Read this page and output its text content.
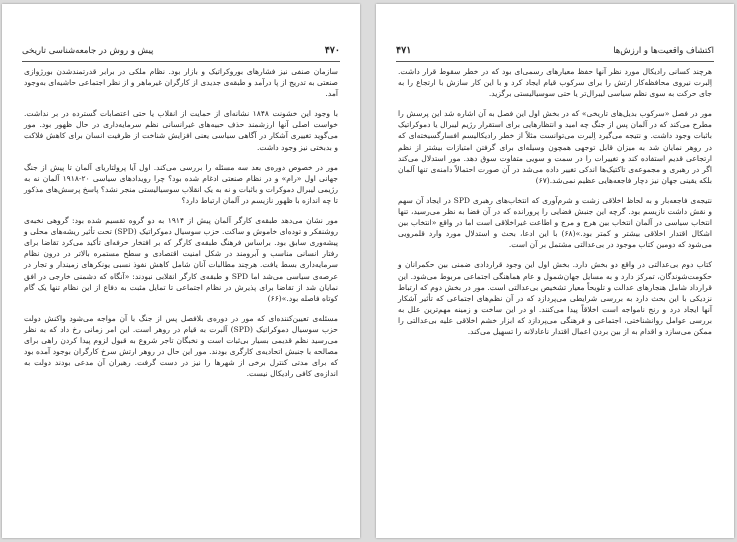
۴۷۰
پیش و روش در جامعه‌شناسی تاریخی

سازمان صنفی نیز فشارهای بوروکراتیک و بازار بود. نظام ملکی در برابر قدرتمندشدن بورژوازی صنعتی به تدریج از پا درآمد و طبقه‌ی جدیدی از کارگران غیرماهر و از نظر اجتماعی حاشیه‌ای به‌وجود آمد.

با وجود این خشونت ۱۸۴۸ نشانه‌ای از حمایت از انقلاب یا حتی اعتصابات گسترده در بر نداشت. خواست اصلی آنها ارزشمند حذف حبیه‌های غیرانسانی نظم سرمایه‌داری در حال ظهور بود. مور می‌گوید تغییری آشکار در آگاهی سیاسی یعنی افزایش شناخت از ظرفیت انسان برای کاهش فلاکت و بدبختی نیز وجود داشت.

مور در خصوص دوره‌ی بعد سه مسئله را بررسی می‌کند. اول آیا پرولتاریای آلمان تا پیش از جنگ جهانی اول «رام» و در نظام صنعتی ادغام شده بود؟ چرا رویدادهای سیاسی ۲۰-۱۹۱۸ آلمان نه به رژیمی لیبرال دموکرات و باثبات و نه به یک انقلاب سوسیالیستی منجر نشد؟ پاسخ پرسش‌های مذکور تا چه اندازه با ظهور نازیسم در آلمان ارتباط دارد؟

مور نشان می‌دهد طبقه‌ی کارگر آلمان پیش از ۱۹۱۴ به دو گروه تقسیم شده بود: گروهی نخبه‌ی روشنفکر و توده‌ای خاموش و ساکت. حزب سوسیال دموکراتیک (SPD) تحت تأثیر ریشه‌های محلی و پیشه‌وری سابق بود. براساس فرهنگ طبقه‌ی کارگر که بر افتخار حرفه‌ای تأکید می‌کرد تقاضا برای رفتار انسانی مناسب و آبرومند در شکل امنیت اقتصادی و سطح مستمره بالاتر در درون نظام سرمایه‌داری بسط یافت. هرچند مطالبات آنان شامل کاهش نفوذ نسبی یونکرهای زمیندار و تجار در عرصه‌ی سیاسی می‌شد اما SPD و طبقه‌ی کارگر انقلابی نبودند: «آنگاه که دشمنی خارجی در افق نمایان شد از تقاضا برای پذیرش در نظام اجتماعی تا تمایل مثبت به دفاع از این نظام تنها یک گام کوتاه فاصله بود.»(۶۶)

مسئله‌ی تعیین‌کننده‌ای که مور در دوره‌ی بلافصل پس از جنگ با آن مواجه می‌شود واکنش دولت حزب سوسیال دموکراتیک (SPD) آلبرت به قیام در روهر است. این امر زمانی رخ داد که به نظر می‌رسید نظم قدیمی بسیار بی‌ثبات است و نخبگان تاجر شروع به قبول لزوم پیدا کردن راهی برای مصالحه با جنبش اتحادیه‌ی کارگری بودند. مور این حال در روهر ارتش سرخ کارگران بوجود آمده بود که برای مدتی کنترل برخی از شهرها را نیز در دست گرفت. رهبران آن مدعی بودند دولت به اندازه‌ی کافی رادیکال نیست.

اکتشاف واقعیت‌ها و ارزش‌ها
۴۷۱

هرچند کسانی رادیکال مورد نظر آنها حفظ معیارهای رسمی‌ای بود که در خطر سقوط قرار داشت. اِلبرت نیروی محافظه‌کار ارتش را برای سرکوب قیام ایجاد کرد و با این کار سازش با ارتجاع را به جای حرکت به سوی نظم سیاسی لیبرال‌تر یا حتی سوسیالیستی برگزید.

مور در فصل «سرکوب بدیل‌های تاریخی» که در بخش اول این فصل به آن اشاره شد این پرسش را مطرح می‌کند که در آلمان پس از جنگ چه امید و انتظارهایی برای استقرار رژیم لیبرال یا دموکراتیک باثبات وجود داشت. و نتیجه می‌گیرد اِلبرت می‌توانست مثلاً از خطر رادیکالیسم افسارگسیخته‌ای که در روهر نمایان شد به میزان قابل توجهی همچون وسیله‌ای برای گرفتن امتیازات بیشتر از نظم ارتجاعی قدیم استفاده کند و تغییرات را در سمت و سویی متفاوت سوق دهد. مور استدلال می‌کند اگر در رهبری و مجموعه‌ی تاکتیک‌ها اندکی تغییر داده می‌شد در آن صورت احتمالاً دامنه‌ی تنها آلمان بلکه یقینی جهان نیز دچار فاجعه‌هایی عظیم نمی‌شد.(۶۷)

نتیجه‌ی فاجعه‌بار و به لحاظ اخلاقی زشت و شرم‌آوری که انتخاب‌های رهبری SPD در ایجاد آن سهم و نقش داشت نازیسم بود. گرچه این جنبش فضایی را پرورانده که در آن فضا به نظر می‌رسید، تنها انتخاب سیاسی در آلمان انتخاب بین هرج و مرج و اطاعت غیراخلاقی است اما در واقع «انتخاب بین اشکال اقتدار اخلاقی بیشتر و کمتر بود.»(۶۸) با این ادعا، بحث و استدلال مورد وارد قلمرویی می‌شود که دومین کتاب موجود در بی‌عدالتی مشتمل بر آن است.

کتاب دوم بی‌عدالتی در واقع دو بخش دارد. بخش اول این وجود قراردادی ضمنی بین حکمرانان و حکومت‌شوندگان، تمرکز دارد و به مسایل جهان‌شمول و عام هماهنگی اجتماعی مربوط می‌شود. این قرارداد شامل هنجارهای عدالت و تلویحاً معیار تشخیص بی‌عدالتی است. مور در بخش دوم که ارتباط نزدیکی با این بحث دارد به بررسی شرایطی می‌پردازد که در آن نظم‌های اجتماعی که تأثیر آشکار آنها ایجاد درد و رنج نامواجه است اخلاقاً پیدا می‌کنند. او در این ساخت و زمینه مهم‌ترین علل به بررسی عوامل روانشناختی، اجتماعی و فرهنگی می‌پردازد که ابزار خشم اخلاقی علیه بی‌عدالتی را ممکن می‌سازد و اقدام به از بین بردن اعمال اقتدار ناعادلانه را تسهیل می‌کند.
